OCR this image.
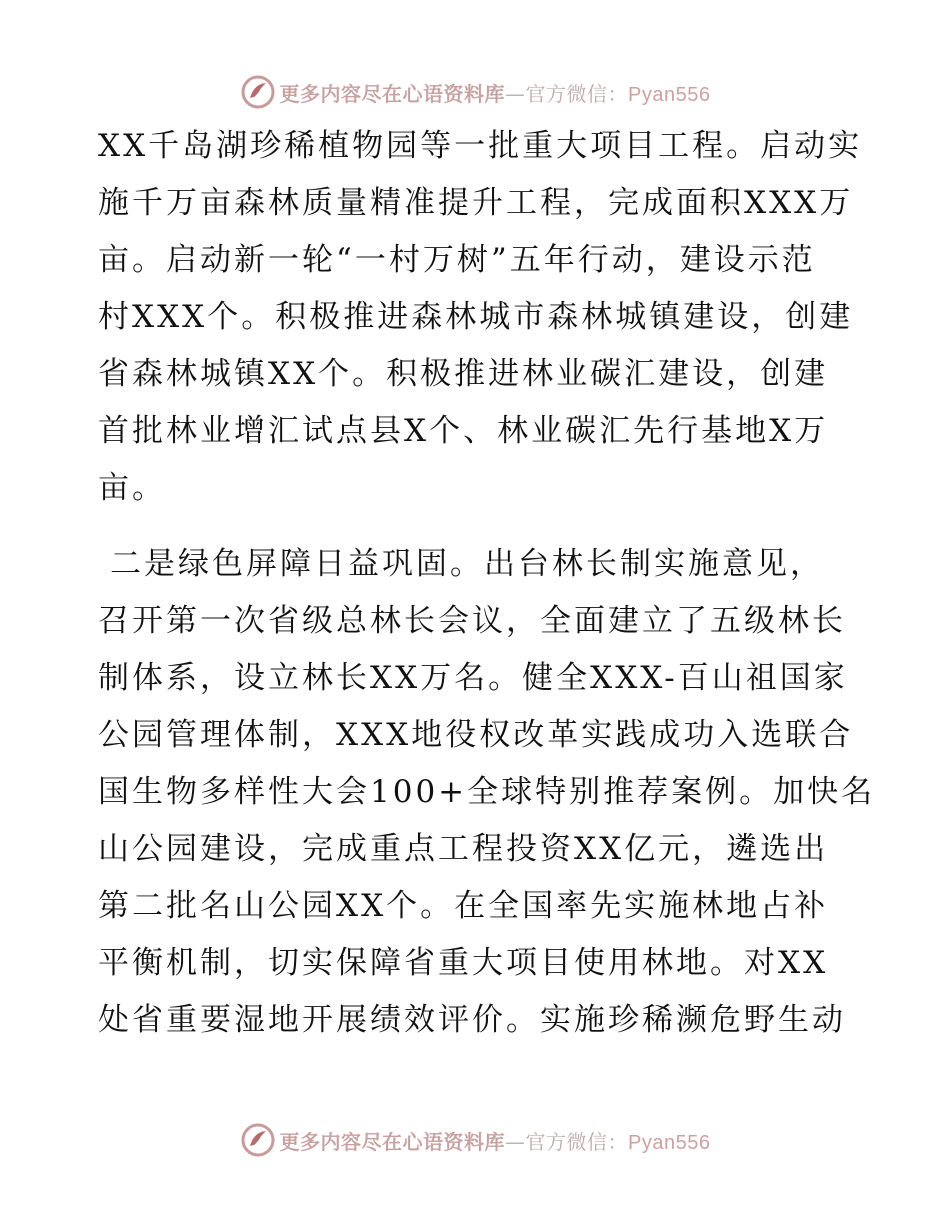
更多内容尽在心语资料库—官方微信：Pyan556
XX千岛湖珍稀植物园等一批重大项目工程。启动实
施千万亩森林质量精准提升工程，完成面积XXX万
亩。启动新一轮“一村万树”五年行动，建设示范
村XXX个。积极推进森林城市森林城镇建设，创建
省森林城镇XX个。积极推进林业碳汇建设，创建
首批林业增汇试点县X个、林业碳汇先行基地X万
亩。
二是绿色屏障日益巩固。出台林长制实施意见，
召开第一次省级总林长会议，全面建立了五级林长
制体系，设立林长XX万名。健全XXX-百山祖国家
公园管理体制，XXX地役权改革实践成功入选联合
国生物多样性大会100+全球特别推荐案例。加快名
山公园建设，完成重点工程投资XX亿元，遴选出
第二批名山公园XX个。在全国率先实施林地占补
平衡机制，切实保障省重大项目使用林地。对XX
处省重要湿地开展绩效评价。实施珍稀濒危野生动
更多内容尽在心语资料库—官方微信：Pyan556
